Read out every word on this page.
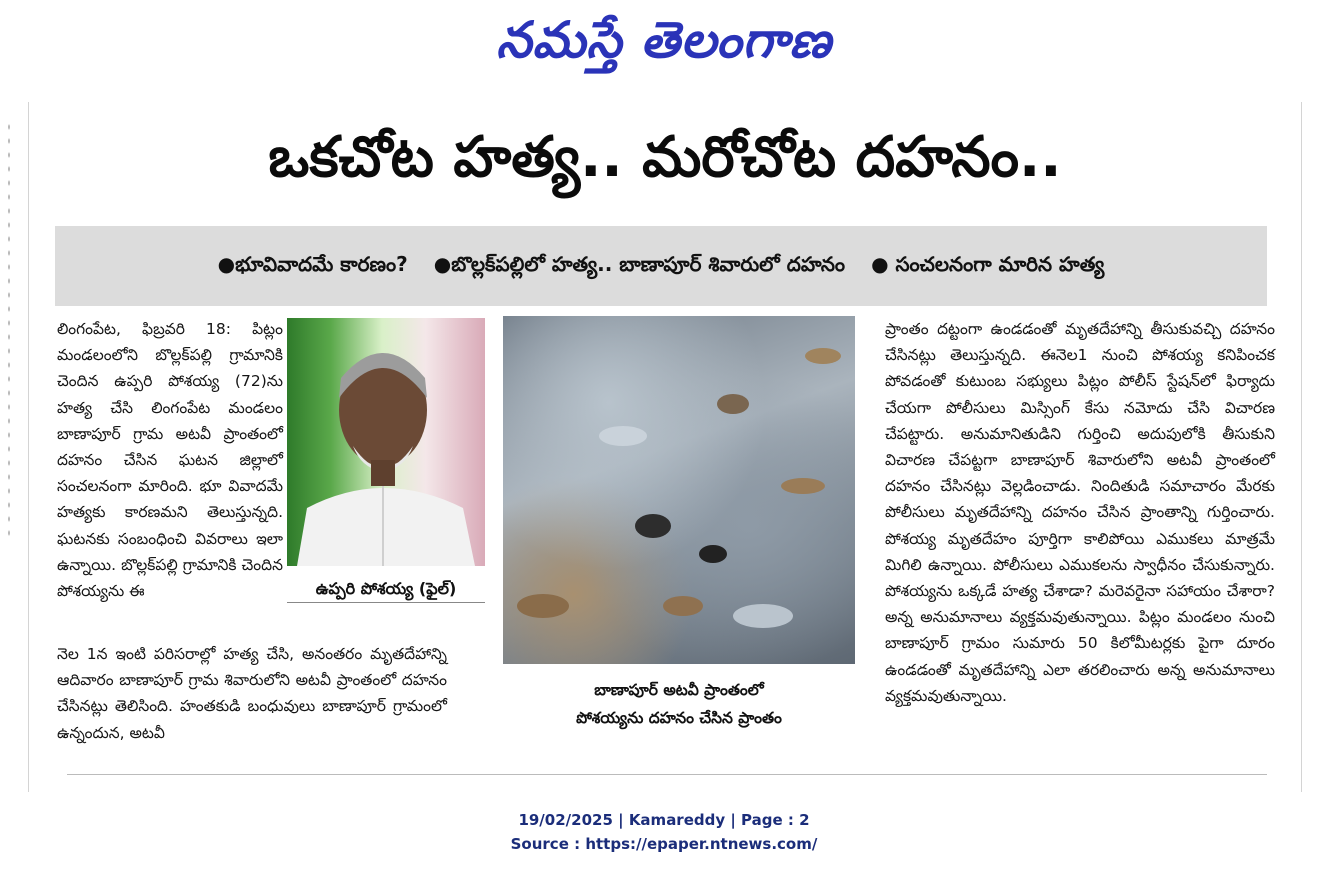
నమస్తే తెలంగాణ
ఒకచోట హత్య.. మరోచోట దహనం..
●భూవివాదమే కారణం? ●బొల్లక్‌పల్లిలో హత్య.. బాణాపూర్‌ శివారులో దహనం ● సంచలనంగా మారిన హత్య
లింగంపేట, ఫిబ్రవరి 18: పిట్లం మండలంలోని బొల్లక్‌పల్లి గ్రామానికి చెందిన ఉప్పరి పోశయ్య (72)ను హత్య చేసి లింగంపేట మండలం బాణాపూర్‌ గ్రామ అటవీ ప్రాంతంలో దహనం చేసిన ఘటన జిల్లాలో సంచలనంగా మారింది. భూ వివాదమే హత్యకు కారణమని తెలుస్తున్నది. ఘటనకు సంబంధించి వివరాలు ఇలా ఉన్నాయి. బొల్లక్‌పల్లి గ్రామానికి చెందిన పోశయ్యను ఈ	ఉప్పరి పోశయ్య (ఫైల్‌)
నెల 1న ఇంటి పరిసరాల్లో హత్య చేసి, అనంతరం మృతదేహాన్ని ఆదివారం బాణాపూర్‌ గ్రామ శివారులోని అటవీ ప్రాంతంలో దహనం చేసినట్లు తెలిసింది. హంతకుడి బంధువులు బాణాపూర్‌ గ్రామంలో ఉన్నందున, అటవీ
బాణాపూర్‌ అటవీ ప్రాంతంలో
పోశయ్యను దహనం చేసిన ప్రాంతం
ప్రాంతం దట్టంగా ఉండడంతో మృతదేహాన్ని తీసుకువచ్చి దహనం చేసినట్లు తెలుస్తున్నది. ఈనెల1 నుంచి పోశయ్య కనిపించక పోవడంతో కుటుంబ సభ్యులు పిట్లం పోలీస్‌ స్టేషన్‌లో ఫిర్యాదు చేయగా పోలీసులు మిస్సింగ్‌ కేసు నమోదు చేసి విచారణ చేపట్టారు. అనుమానితుడిని గుర్తించి అదుపులోకి తీసుకుని విచారణ చేపట్టగా బాణాపూర్‌ శివారులోని అటవీ ప్రాంతంలో దహనం చేసినట్లు వెల్లడించాడు. నిందితుడి సమాచారం మేరకు పోలీసులు మృతదేహాన్ని దహనం చేసిన ప్రాంతాన్ని గుర్తించారు. పోశయ్య మృతదేహం పూర్తిగా కాలిపోయి ఎముకలు మాత్రమే మిగిలి ఉన్నాయి. పోలీసులు ఎముకలను స్వాధీనం చేసుకున్నారు. పోశయ్యను ఒక్కడే హత్య చేశాడా? మరెవరైనా సహాయం చేశారా? అన్న అనుమానాలు వ్యక్తమవుతున్నాయి. పిట్లం మండలం నుంచి బాణాపూర్‌ గ్రామం సుమారు 50 కిలోమీటర్లకు పైగా దూరం ఉండడంతో మృతదేహాన్ని ఎలా తరలించారు అన్న అనుమానాలు వ్యక్తమవుతున్నాయి.
19/02/2025 | Kamareddy | Page : 2
Source : https://epaper.ntnews.com/
